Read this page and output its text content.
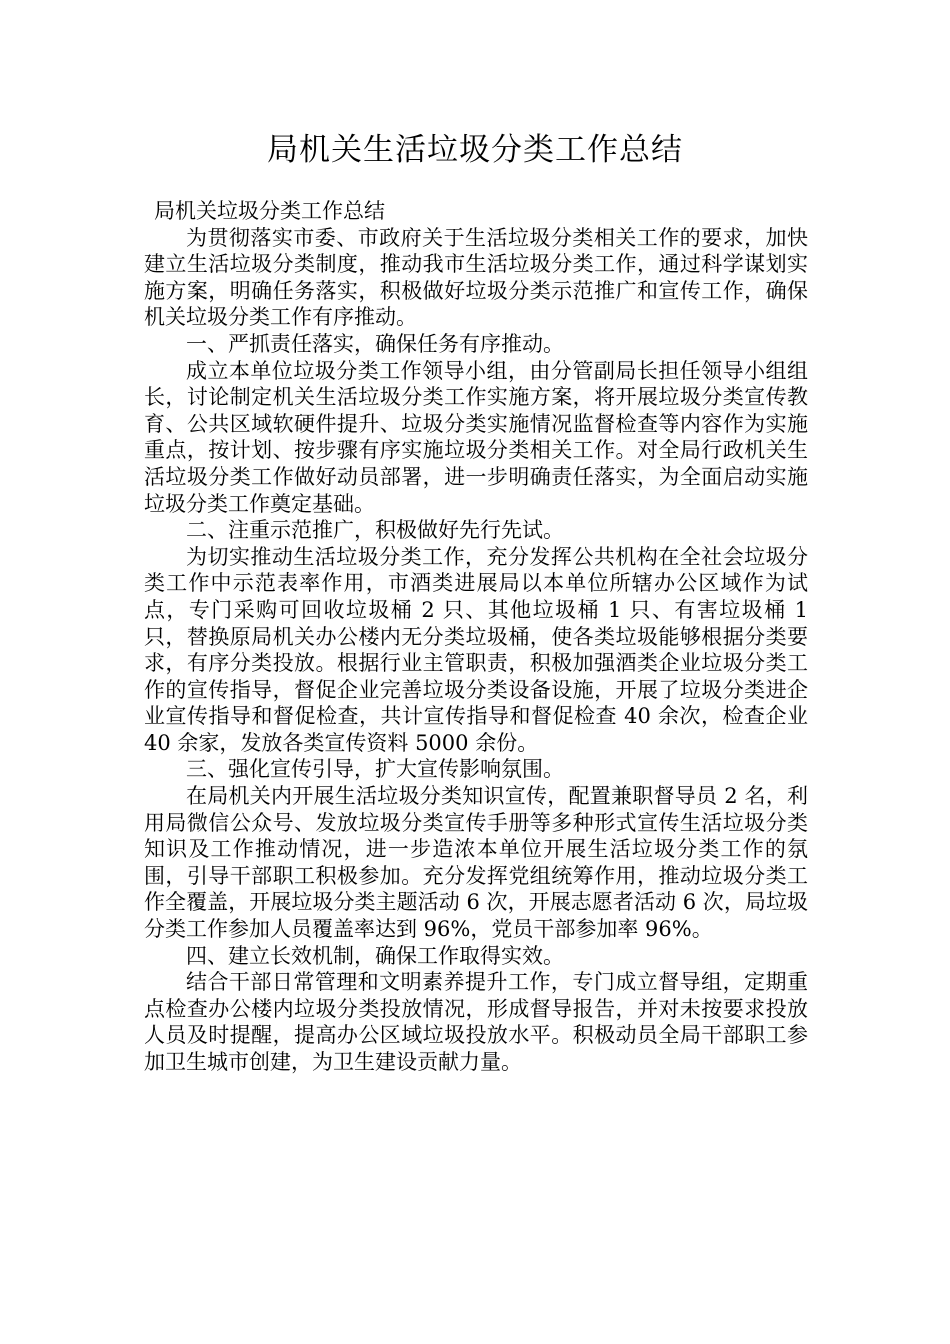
局机关生活垃圾分类工作总结

局机关垃圾分类工作总结

为贯彻落实市委、市政府关于生活垃圾分类相关工作的要求，加快建立生活垃圾分类制度，推动我市生活垃圾分类工作，通过科学谋划实施方案，明确任务落实，积极做好垃圾分类示范推广和宣传工作，确保机关垃圾分类工作有序推动。

一、严抓责任落实，确保任务有序推动。

成立本单位垃圾分类工作领导小组，由分管副局长担任领导小组组长，讨论制定机关生活垃圾分类工作实施方案，将开展垃圾分类宣传教育、公共区域软硬件提升、垃圾分类实施情况监督检查等内容作为实施重点，按计划、按步骤有序实施垃圾分类相关工作。对全局行政机关生活垃圾分类工作做好动员部署，进一步明确责任落实，为全面启动实施垃圾分类工作奠定基础。

二、注重示范推广，积极做好先行先试。

为切实推动生活垃圾分类工作，充分发挥公共机构在全社会垃圾分类工作中示范表率作用，市酒类进展局以本单位所辖办公区域作为试点，专门采购可回收垃圾桶 2 只、其他垃圾桶 1 只、有害垃圾桶 1 只，替换原局机关办公楼内无分类垃圾桶，使各类垃圾能够根据分类要求，有序分类投放。根据行业主管职责，积极加强酒类企业垃圾分类工作的宣传指导，督促企业完善垃圾分类设备设施，开展了垃圾分类进企业宣传指导和督促检查，共计宣传指导和督促检查 40 余次，检查企业 40 余家，发放各类宣传资料 5000 余份。

三、强化宣传引导，扩大宣传影响氛围。

在局机关内开展生活垃圾分类知识宣传，配置兼职督导员 2 名，利用局微信公众号、发放垃圾分类宣传手册等多种形式宣传生活垃圾分类知识及工作推动情况，进一步造浓本单位开展生活垃圾分类工作的氛围，引导干部职工积极参加。充分发挥党组统筹作用，推动垃圾分类工作全覆盖，开展垃圾分类主题活动 6 次，开展志愿者活动 6 次，局垃圾分类工作参加人员覆盖率达到 96%，党员干部参加率 96%。

四、建立长效机制，确保工作取得实效。

结合干部日常管理和文明素养提升工作，专门成立督导组，定期重点检查办公楼内垃圾分类投放情况，形成督导报告，并对未按要求投放人员及时提醒，提高办公区域垃圾投放水平。积极动员全局干部职工参加卫生城市创建，为卫生建设贡献力量。
